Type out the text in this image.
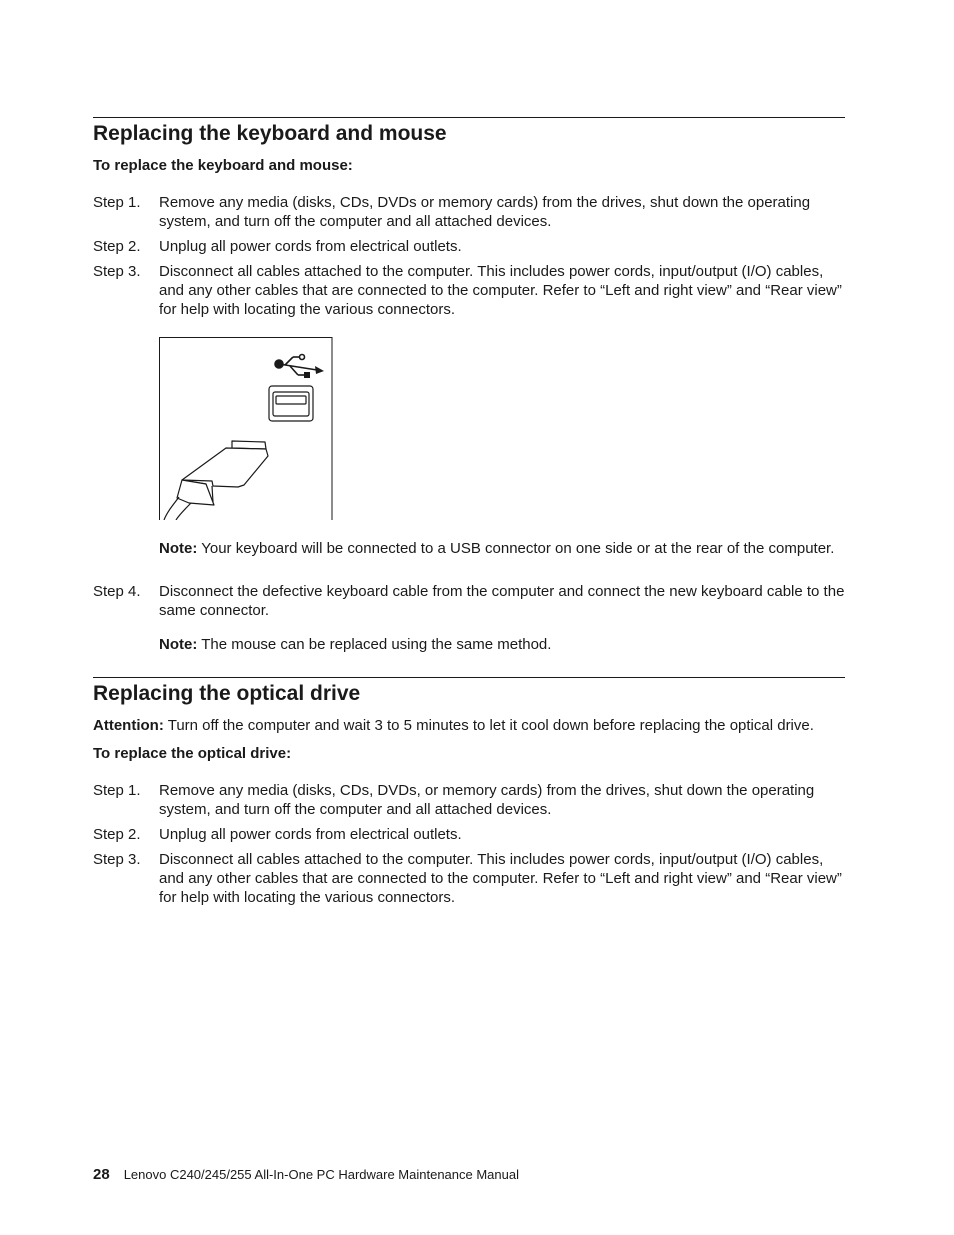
Replacing the keyboard and mouse
To replace the keyboard and mouse:
Step 1. Remove any media (disks, CDs, DVDs or memory cards) from the drives, shut down the operating system, and turn off the computer and all attached devices.
Step 2. Unplug all power cords from electrical outlets.
Step 3. Disconnect all cables attached to the computer. This includes power cords, input/output (I/O) cables, and any other cables that are connected to the computer. Refer to “Left and right view” and “Rear view” for help with locating the various connectors.
Note: Your keyboard will be connected to a USB connector on one side or at the rear of the computer.
Step 4. Disconnect the defective keyboard cable from the computer and connect the new keyboard cable to the same connector.
Note: The mouse can be replaced using the same method.
Replacing the optical drive
Attention: Turn off the computer and wait 3 to 5 minutes to let it cool down before replacing the optical drive.
To replace the optical drive:
Step 1. Remove any media (disks, CDs, DVDs, or memory cards) from the drives, shut down the operating system, and turn off the computer and all attached devices.
Step 2. Unplug all power cords from electrical outlets.
Step 3. Disconnect all cables attached to the computer. This includes power cords, input/output (I/O) cables, and any other cables that are connected to the computer. Refer to “Left and right view” and “Rear view” for help with locating the various connectors.
28 Lenovo C240/245/255 All-In-One PC Hardware Maintenance Manual
